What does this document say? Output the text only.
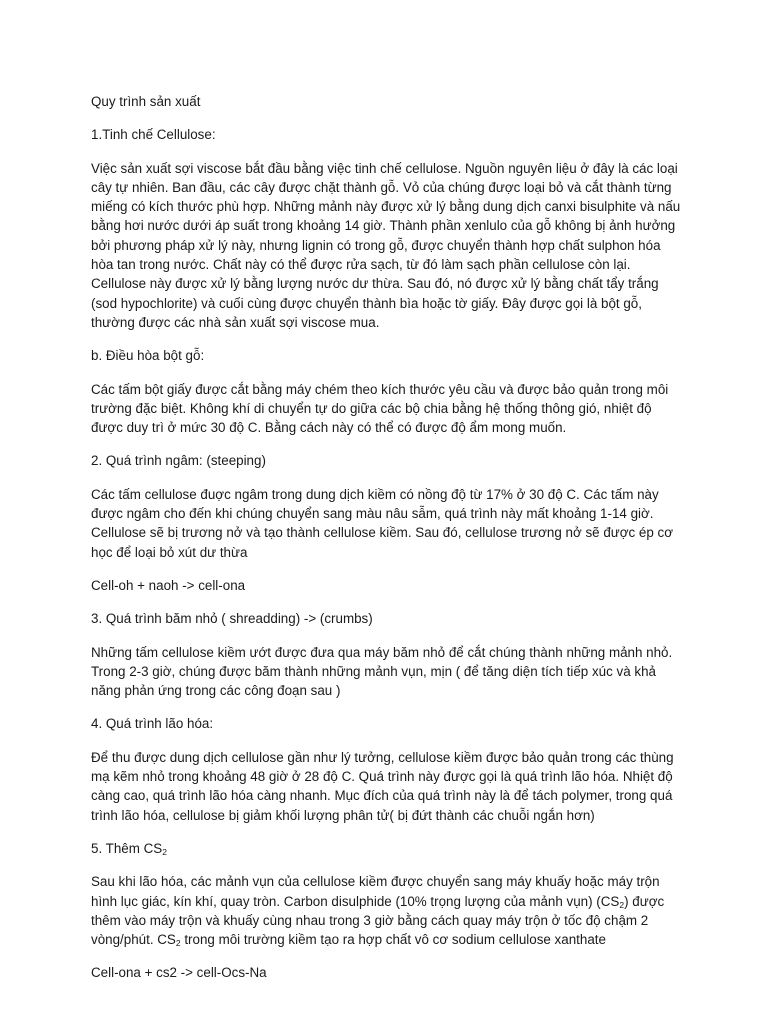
Quy trình sản xuất

1.Tinh chế Cellulose:

Việc sản xuất sợi viscose bắt đầu bằng việc tinh chế cellulose. Nguồn nguyên liệu ở đây là các loại cây tự nhiên. Ban đầu, các cây được chặt thành gỗ. Vỏ của chúng được loại bỏ và cắt thành từng miếng có kích thước phù hợp. Những mảnh này được xử lý bằng dung dịch canxi bisulphite và nấu bằng hơi nước dưới áp suất trong khoảng 14 giờ. Thành phần xenlulo của gỗ không bị ảnh hưởng bởi phương pháp xử lý này, nhưng lignin có trong gỗ, được chuyển thành hợp chất sulphon hóa hòa tan trong nước. Chất này có thể được rửa sạch, từ đó làm sạch phần cellulose còn lại. Cellulose này được xử lý bằng lượng nước dư thừa. Sau đó, nó được xử lý bằng chất tẩy trắng (sod hypochlorite) và cuối cùng được chuyển thành bìa hoặc tờ giấy. Đây được gọi là bột gỗ, thường được các nhà sản xuất sợi viscose mua.

b. Điều hòa bột gỗ:

Các tấm bột giấy được cắt bằng máy chém theo kích thước yêu cầu và được bảo quản trong môi trường đặc biệt. Không khí di chuyển tự do giữa các bộ chia bằng hệ thống thông gió, nhiệt độ được duy trì ở mức 30 độ C. Bằng cách này có thể có được độ ẩm mong muốn.

2. Quá trình ngâm: (steeping)

Các tấm cellulose đuợc ngâm trong dung dịch kiềm có nồng độ từ 17% ở 30 độ C. Các tấm này được ngâm cho đến khi chúng chuyển sang màu nâu sẫm, quá trình này mất khoảng 1-14 giờ. Cellulose sẽ bị trương nở và tạo thành cellulose kiềm. Sau đó, cellulose trương nở sẽ được ép cơ học để loại bỏ xút dư thừa

Cell-oh + naoh -> cell-ona

3. Quá trình băm nhỏ ( shreadding) -> (crumbs)

Những tấm cellulose kiềm ướt được đưa qua máy băm nhỏ để cắt chúng thành những mảnh nhỏ. Trong 2-3 giờ, chúng được băm thành những mảnh vụn, mịn ( để tăng diện tích tiếp xúc và khả năng phản ứng trong các công đoạn sau )

4. Quá trình lão hóa:

Để thu được dung dịch cellulose gần như lý tưởng, cellulose kiềm được bảo quản trong các thùng mạ kẽm nhỏ trong khoảng 48 giờ ở 28 độ C. Quá trình này được gọi là quá trình lão hóa. Nhiệt độ càng cao, quá trình lão hóa càng nhanh. Mục đích của quá trình này là để tách polymer, trong quá trình lão hóa, cellulose bị giảm khối lượng phân tử( bị đứt thành các chuỗi ngắn hơn)

5. Thêm $CS_2$

Sau khi lão hóa, các mảnh vụn của cellulose kiềm được chuyển sang máy khuấy hoặc máy trộn hình lục giác, kín khí, quay tròn. Carbon disulphide (10% trọng lượng của mảnh vụn) $(CS_2)$ được thêm vào máy trộn và khuấy cùng nhau trong 3 giờ bằng cách quay máy trộn ở tốc độ chậm 2 vòng/phút. $CS_2$ trong môi trường kiềm tạo ra hợp chất vô cơ sodium cellulose xanthate

Cell-ona + cs2 -> cell-Ocs-Na
